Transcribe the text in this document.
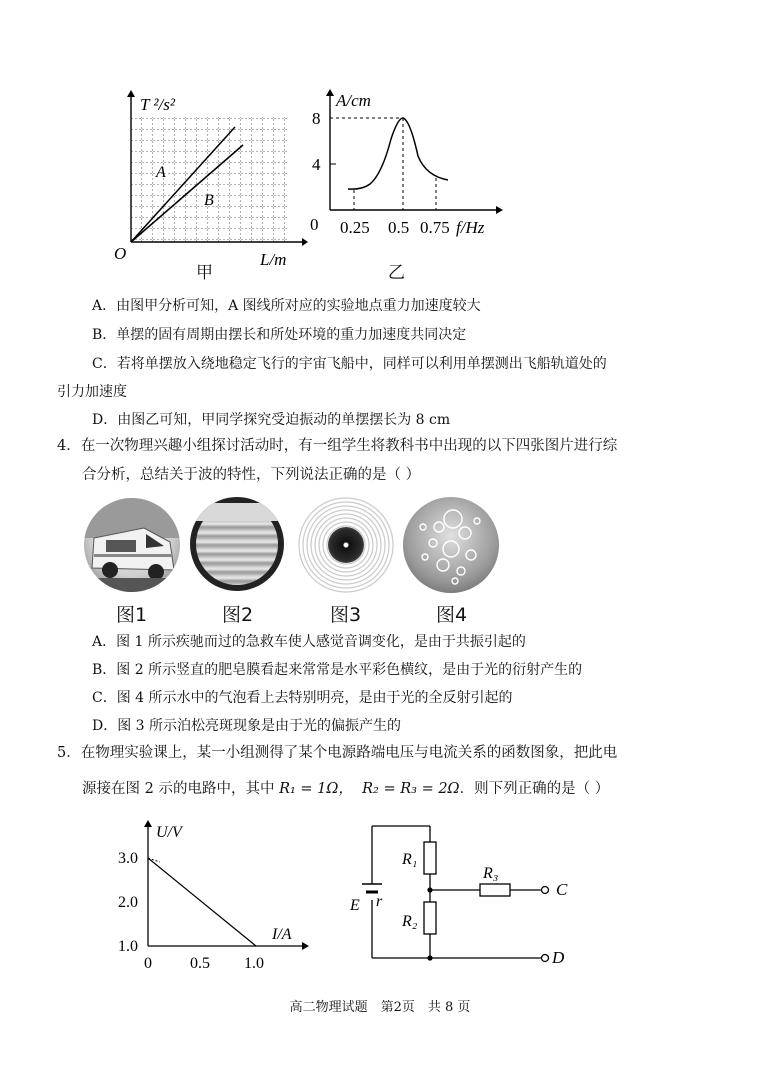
T ²/s²
A
B
O	L/m
甲
A/cm
8
4
0 0.25 0.5 0.75 f/Hz
乙
A．由图甲分析可知，A 图线所对应的实验地点重力加速度较大
B．单摆的固有周期由摆长和所处环境的重力加速度共同决定
C．若将单摆放入绕地稳定飞行的宇宙飞船中，同样可以利用单摆测出飞船轨道处的
引力加速度
D．由图乙可知，甲同学探究受迫振动的单摆摆长为 8 cm
4．在一次物理兴趣小组探讨活动时，有一组学生将教科书中出现的以下四张图片进行综
合分析，总结关于波的特性，下列说法正确的是（ ）
图1	图2	图3	图4
A．图 1 所示疾驰而过的急救车使人感觉音调变化，是由于共振引起的
B．图 2 所示竖直的肥皂膜看起来常常是水平彩色横纹，是由于光的衍射产生的
C．图 4 所示水中的气泡看上去特别明亮，是由于光的全反射引起的
D．图 3 所示泊松亮斑现象是由于光的偏振产生的
5．在物理实验课上，某一小组测得了某个电源路端电压与电流关系的函数图象，把此电
源接在图 2 示的电路中，其中 R₁ = 1Ω， R₂ = R₃ = 2Ω．则下列正确的是（ ）
3.0
2.0
1.0
0.5 1.0
U/V
I/A
0
R₁
R₂
R₃
E r
C
D
高二物理试题　第2页　共 8 页
